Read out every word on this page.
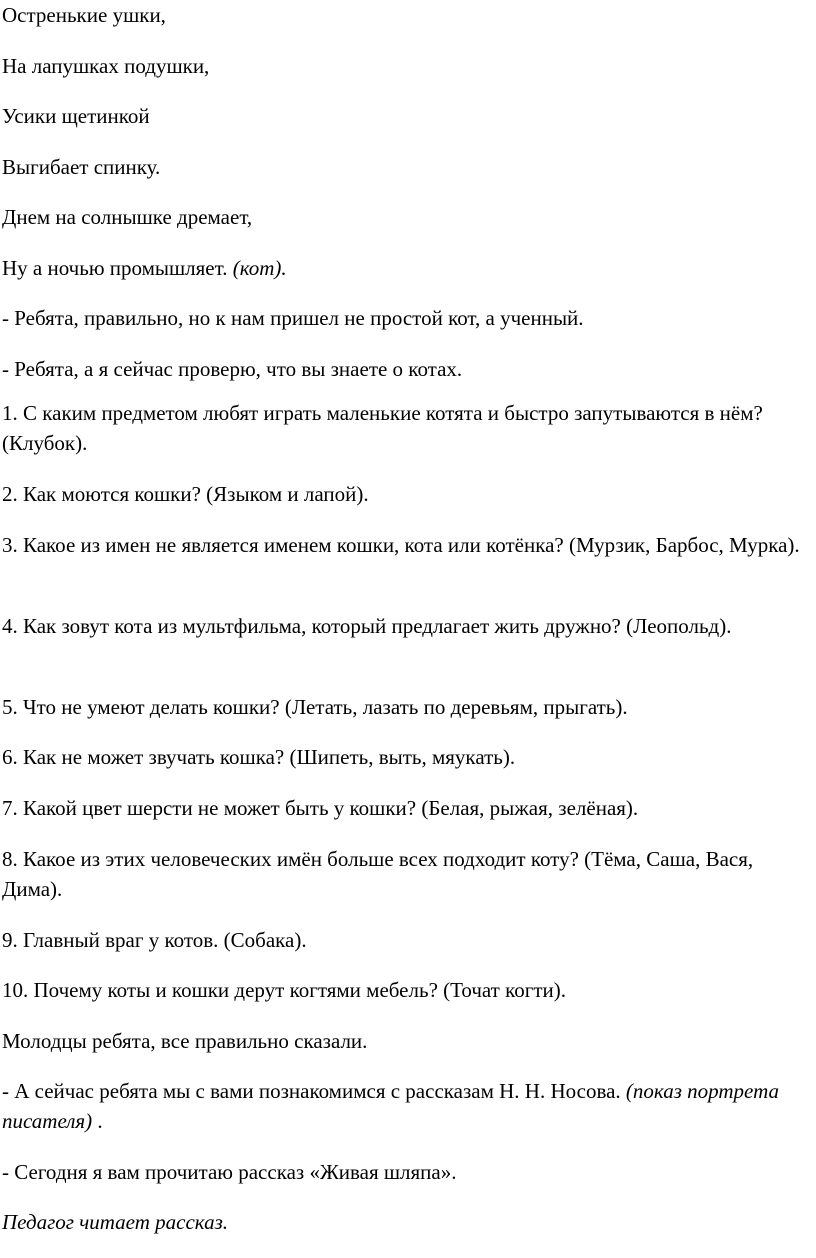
Остренькие ушки,

На лапушках подушки,

Усики щетинкой

Выгибает спинку.

Днем на солнышке дремает,

Ну а ночью промышляет. (кот).

- Ребята, правильно, но к нам пришел не простой кот, а ученный.

- Ребята, а я сейчас проверю, что вы знаете о котах.

1. С каким предметом любят играть маленькие котята и быстро запутываются в нём? (Клубок).

2. Как моются кошки? (Языком и лапой).

3. Какое из имен не является именем кошки, кота или котёнка? (Мурзик, Барбос, Мурка).

4. Как зовут кота из мультфильма, который предлагает жить дружно? (Леопольд).

5. Что не умеют делать кошки? (Летать, лазать по деревьям, прыгать).

6. Как не может звучать кошка? (Шипеть, выть, мяукать).

7. Какой цвет шерсти не может быть у кошки? (Белая, рыжая, зелёная).

8. Какое из этих человеческих имён больше всех подходит коту? (Тёма, Саша, Вася, Дима).

9. Главный враг у котов. (Собака).

10. Почему коты и кошки дерут когтями мебель? (Точат когти).

Молодцы ребята, все правильно сказали.

- А сейчас ребята мы с вами познакомимся с рассказам Н. Н. Носова. (показ портрета писателя) .

- Сегодня я вам прочитаю рассказ «Живая шляпа».

Педагог читает рассказ.
